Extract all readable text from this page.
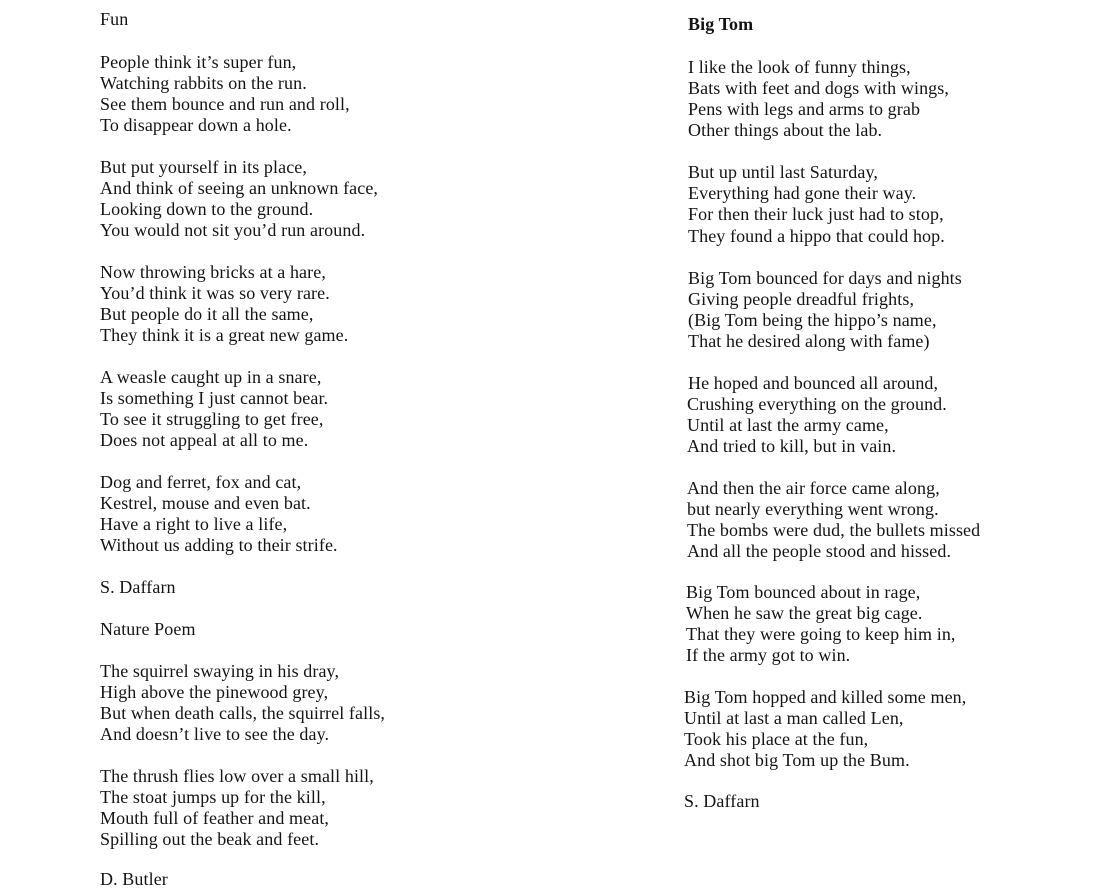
Fun
People think it’s super fun,
Watching rabbits on the run.
See them bounce and run and roll,
To disappear down a hole.
But put yourself in its place,
And think of seeing an unknown face,
Looking down to the ground.
You would not sit you’d run around.
Now throwing bricks at a hare,
You’d think it was so very rare.
But people do it all the same,
They think it is a great new game.
A weasle caught up in a snare,
Is something I just cannot bear.
To see it struggling to get free,
Does not appeal at all to me.
Dog and ferret, fox and cat,
Kestrel, mouse and even bat.
Have a right to live a life,
Without us adding to their strife.
S. Daffarn
Nature Poem
The squirrel swaying in his dray,
High above the pinewood grey,
But when death calls, the squirrel falls,
And doesn’t live to see the day.
The thrush flies low over a small hill,
The stoat jumps up for the kill,
Mouth full of feather and meat,
Spilling out the beak and feet.
D. Butler
Big Tom
I like the look of funny things,
Bats with feet and dogs with wings,
Pens with legs and arms to grab
Other things about the lab.
But up until last Saturday,
Everything had gone their way.
For then their luck just had to stop,
They found a hippo that could hop.
Big Tom bounced for days and nights
Giving people dreadful frights,
(Big Tom being the hippo’s name,
That he desired along with fame)
He hoped and bounced all around,
Crushing everything on the ground.
Until at last the army came,
And tried to kill, but in vain.
And then the air force came along,
but nearly everything went wrong.
The bombs were dud, the bullets missed
And all the people stood and hissed.
Big Tom bounced about in rage,
When he saw the great big cage.
That they were going to keep him in,
If the army got to win.
Big Tom hopped and killed some men,
Until at last a man called Len,
Took his place at the fun,
And shot big Tom up the Bum.
S. Daffarn
